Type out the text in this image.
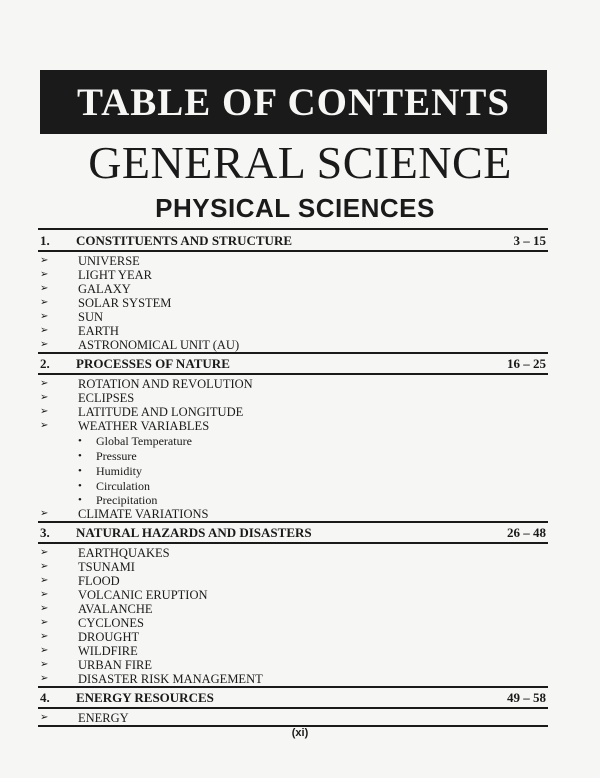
TABLE OF CONTENTS
GENERAL SCIENCE
PHYSICAL SCIENCES
1. CONSTITUENTS AND STRUCTURE	3 – 15
➢ UNIVERSE
➢ LIGHT YEAR
➢ GALAXY
➢ SOLAR SYSTEM
➢ SUN
➢ EARTH
➢ ASTRONOMICAL UNIT (AU)
2. PROCESSES OF NATURE	16 – 25
➢ ROTATION AND REVOLUTION
➢ ECLIPSES
➢ LATITUDE AND LONGITUDE
➢ WEATHER VARIABLES
• Global Temperature
• Pressure
• Humidity
• Circulation
• Precipitation
➢ CLIMATE VARIATIONS
3. NATURAL HAZARDS AND DISASTERS	26 – 48
➢ EARTHQUAKES
➢ TSUNAMI
➢ FLOOD
➢ VOLCANIC ERUPTION
➢ AVALANCHE
➢ CYCLONES
➢ DROUGHT
➢ WILDFIRE
➢ URBAN FIRE
➢ DISASTER RISK MANAGEMENT
4. ENERGY RESOURCES	49 – 58
➢ ENERGY
(xi)
